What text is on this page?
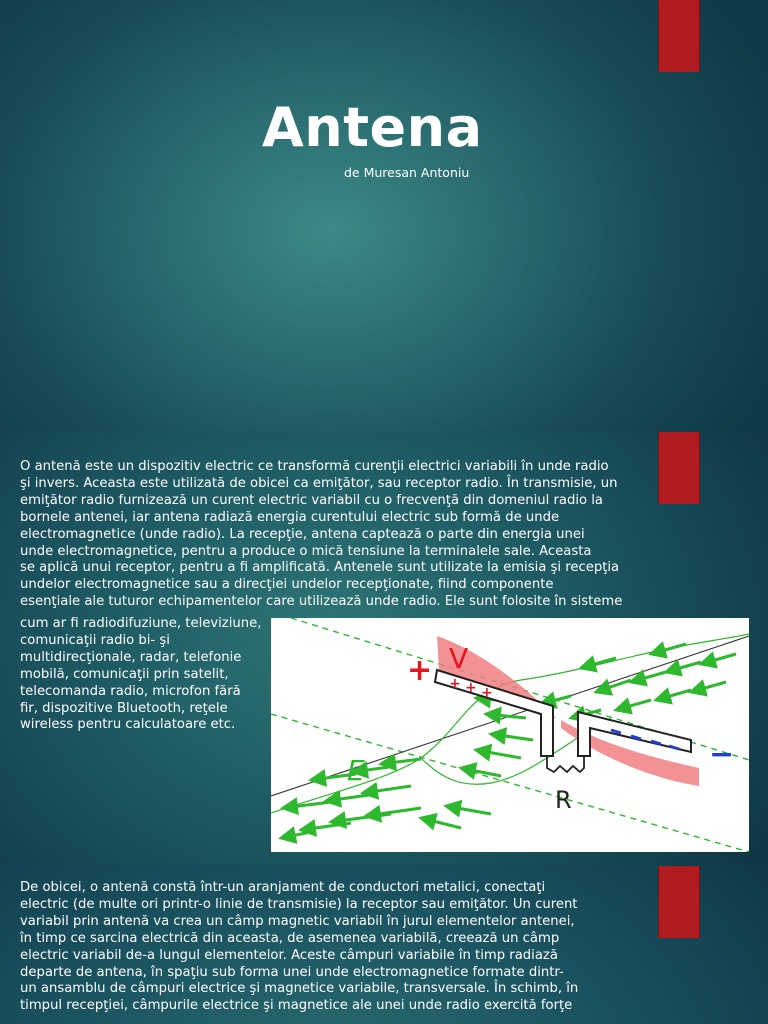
Antena
de Muresan Antoniu

O antenă este un dispozitiv electric ce transformă curenţii electrici variabili în unde radio
şi invers. Aceasta este utilizată de obicei ca emiţător, sau receptor radio. În transmisie, un
emiţător radio furnizează un curent electric variabil cu o frecvenţă din domeniul radio la
bornele antenei, iar antena radiază energia curentului electric sub formă de unde
electromagnetice (unde radio). La recepţie, antena captează o parte din energia unei
unde electromagnetice, pentru a produce o mică tensiune la terminalele sale. Aceasta
se aplică unui receptor, pentru a fi amplificată. Antenele sunt utilizate la emisia şi recepţia
undelor electromagnetice sau a direcţiei undelor recepţionate, fiind componente
esenţiale ale tuturor echipamentelor care utilizează unde radio. Ele sunt folosite în sisteme

cum ar fi radiodifuziune, televiziune,
comunicaţii radio bi- şi
multidirecţionale, radar, telefonie
mobilă, comunicaţii prin satelit,
telecomanda radio, microfon fără
fir, dispozitive Bluetooth, reţele
wireless pentru calculatoare etc.

+ + +
+
−
V
E
R

De obicei, o antenă constă într-un aranjament de conductori metalici, conectaţi
electric (de multe ori printr-o linie de transmisie) la receptor sau emiţător. Un curent
variabil prin antenă va crea un câmp magnetic variabil în jurul elementelor antenei,
în timp ce sarcina electrică din aceasta, de asemenea variabilă, creează un câmp
electric variabil de-a lungul elementelor. Aceste câmpuri variabile în timp radiază
departe de antena, în spaţiu sub forma unei unde electromagnetice formate dintr-
un ansamblu de câmpuri electrice şi magnetice variabile, transversale. În schimb, în
timpul recepţiei, câmpurile electrice şi magnetice ale unei unde radio exercită forţe
